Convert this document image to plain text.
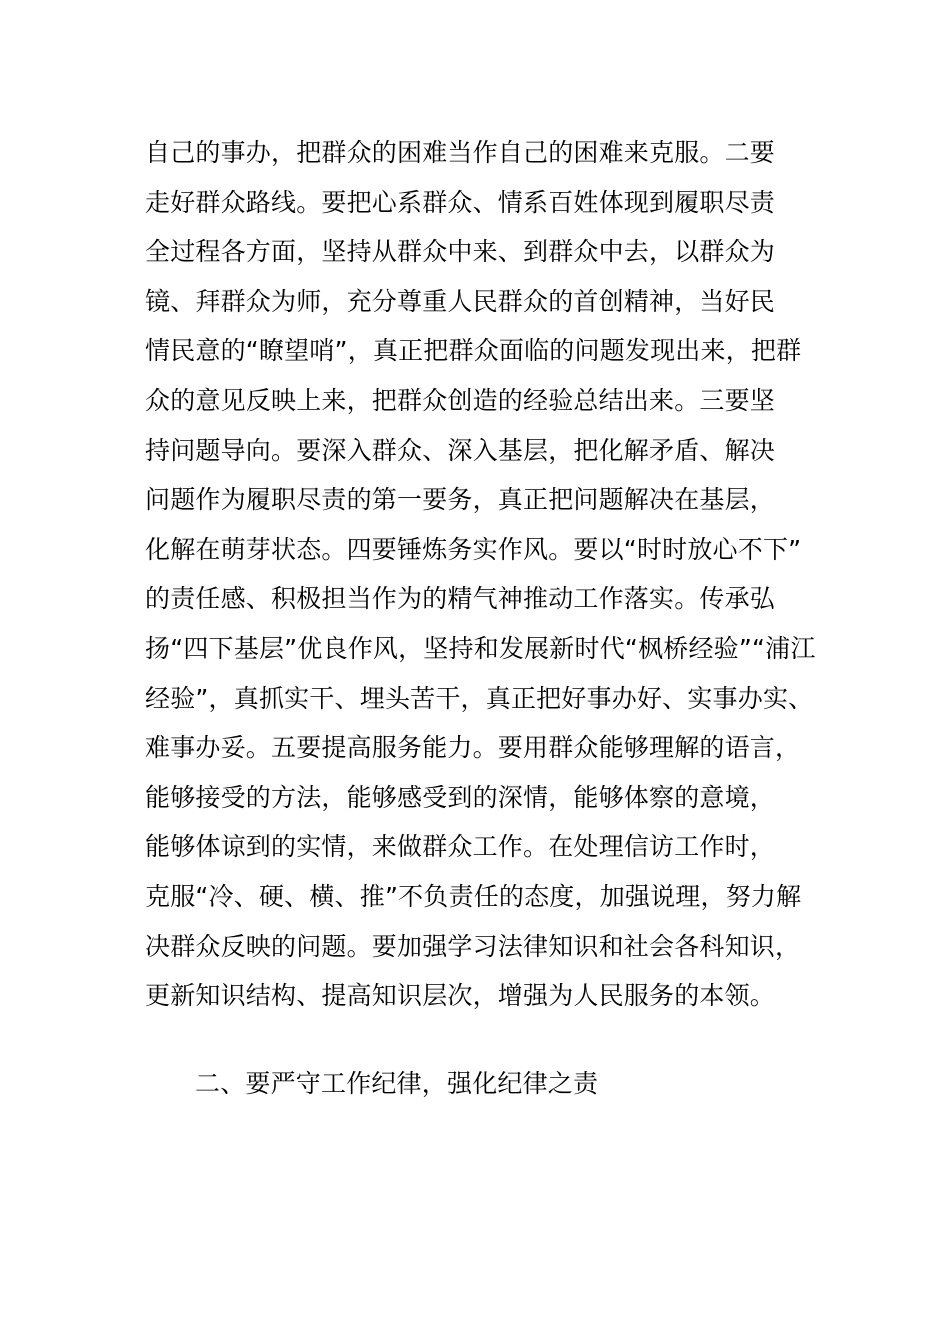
自己的事办，把群众的困难当作自己的困难来克服。二要
走好群众路线。要把心系群众、情系百姓体现到履职尽责
全过程各方面，坚持从群众中来、到群众中去，以群众为
镜、拜群众为师，充分尊重人民群众的首创精神，当好民
情民意的“瞭望哨”，真正把群众面临的问题发现出来，把群
众的意见反映上来，把群众创造的经验总结出来。三要坚
持问题导向。要深入群众、深入基层，把化解矛盾、解决
问题作为履职尽责的第一要务，真正把问题解决在基层，
化解在萌芽状态。四要锤炼务实作风。要以“时时放心不下”
的责任感、积极担当作为的精气神推动工作落实。传承弘
扬“四下基层”优良作风，坚持和发展新时代“枫桥经验”“浦江
经验”，真抓实干、埋头苦干，真正把好事办好、实事办实、
难事办妥。五要提高服务能力。要用群众能够理解的语言，
能够接受的方法，能够感受到的深情，能够体察的意境，
能够体谅到的实情，来做群众工作。在处理信访工作时，
克服“冷、硬、横、推”不负责任的态度，加强说理，努力解
决群众反映的问题。要加强学习法律知识和社会各科知识，
更新知识结构、提高知识层次，增强为人民服务的本领。
二、要严守工作纪律，强化纪律之责
